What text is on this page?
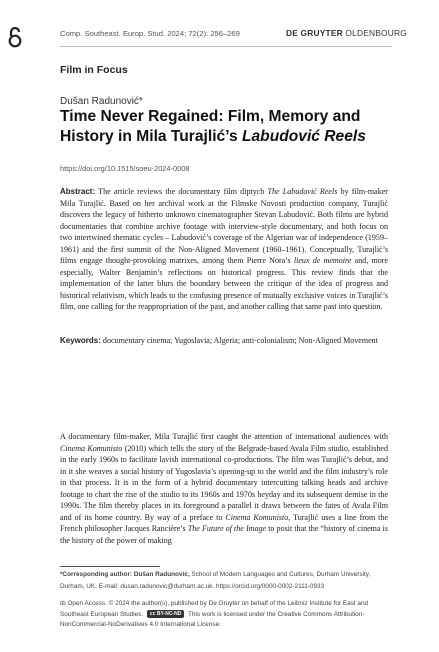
Comp. Southeast. Europ. Stud. 2024; 72(2): 256–269	DE GRUYTER OLDENBOURG
Film in Focus
Dušan Radunović*
Time Never Regained: Film, Memory and History in Mila Turajlić’s Labudović Reels
https://doi.org/10.1515/soeu-2024-0008
Abstract: The article reviews the documentary film diptych The Labudović Reels by film-maker Mila Turajlić. Based on her archival work at the Filmske Novosti production company, Turajlić discovers the legacy of hitherto unknown cinematographer Stevan Labudović. Both films are hybrid documentaries that combine archive footage with interview-style documentary, and both focus on two intertwined thematic cycles – Labudović’s coverage of the Algerian war of independence (1959–1961) and the first summit of the Non-Aligned Movement (1960–1961). Conceptually, Turajlić’s films engage thought-provoking matrixes, among them Pierre Nora’s lieux de memoire and, more especially, Walter Benjamin’s reflections on historical progress. This review finds that the implementation of the latter blurs the boundary between the critique of the idea of progress and historical relativism, which leads to the confusing presence of mutually exclusive voices in Turajlić’s film, one calling for the reappropriation of the past, and another calling that same past into question.
Keywords: documentary cinema; Yugoslavia; Algeria; anti-colonialism; Non-Aligned Movement
A documentary film-maker, Mila Turajlić first caught the attention of international audiences with Cinema Komunisto (2010) which tells the story of the Belgrade-based Avala Film studio, established in the early 1960s to facilitate lavish international co-productions. The film was Turajlić’s debut, and in it she weaves a social history of Yugoslavia’s opening-up to the world and the film industry’s role in that process. It is in the form of a hybrid documentary intercutting talking heads and archive footage to chart the rise of the studio to its 1960s and 1970s heyday and its subsequent demise in the 1990s. The film thereby places in its foreground a parallel it draws between the fates of Avala Film and of its home country. By way of a preface to Cinema Komunisto, Turajlić uses a line from the French philosopher Jacques Rancière’s The Future of the Image to posit that the “history of cinema is the history of the power of making
*Corresponding author: Dušan Radunović, School of Modern Languages and Cultures, Durham University, Durham, UK, E-mail: dusan.radunovic@durham.ac.uk. https://orcid.org/0000-0002-2111-0933
ȸ Open Access. © 2024 the author(s), published by De Gruyter on behalf of the Leibniz Institute for East and Southeast European Studies. cc BY-NC-ND This work is licensed under the Creative Commons Attribution-NonCommercial-NoDerivatives 4.0 International License.
